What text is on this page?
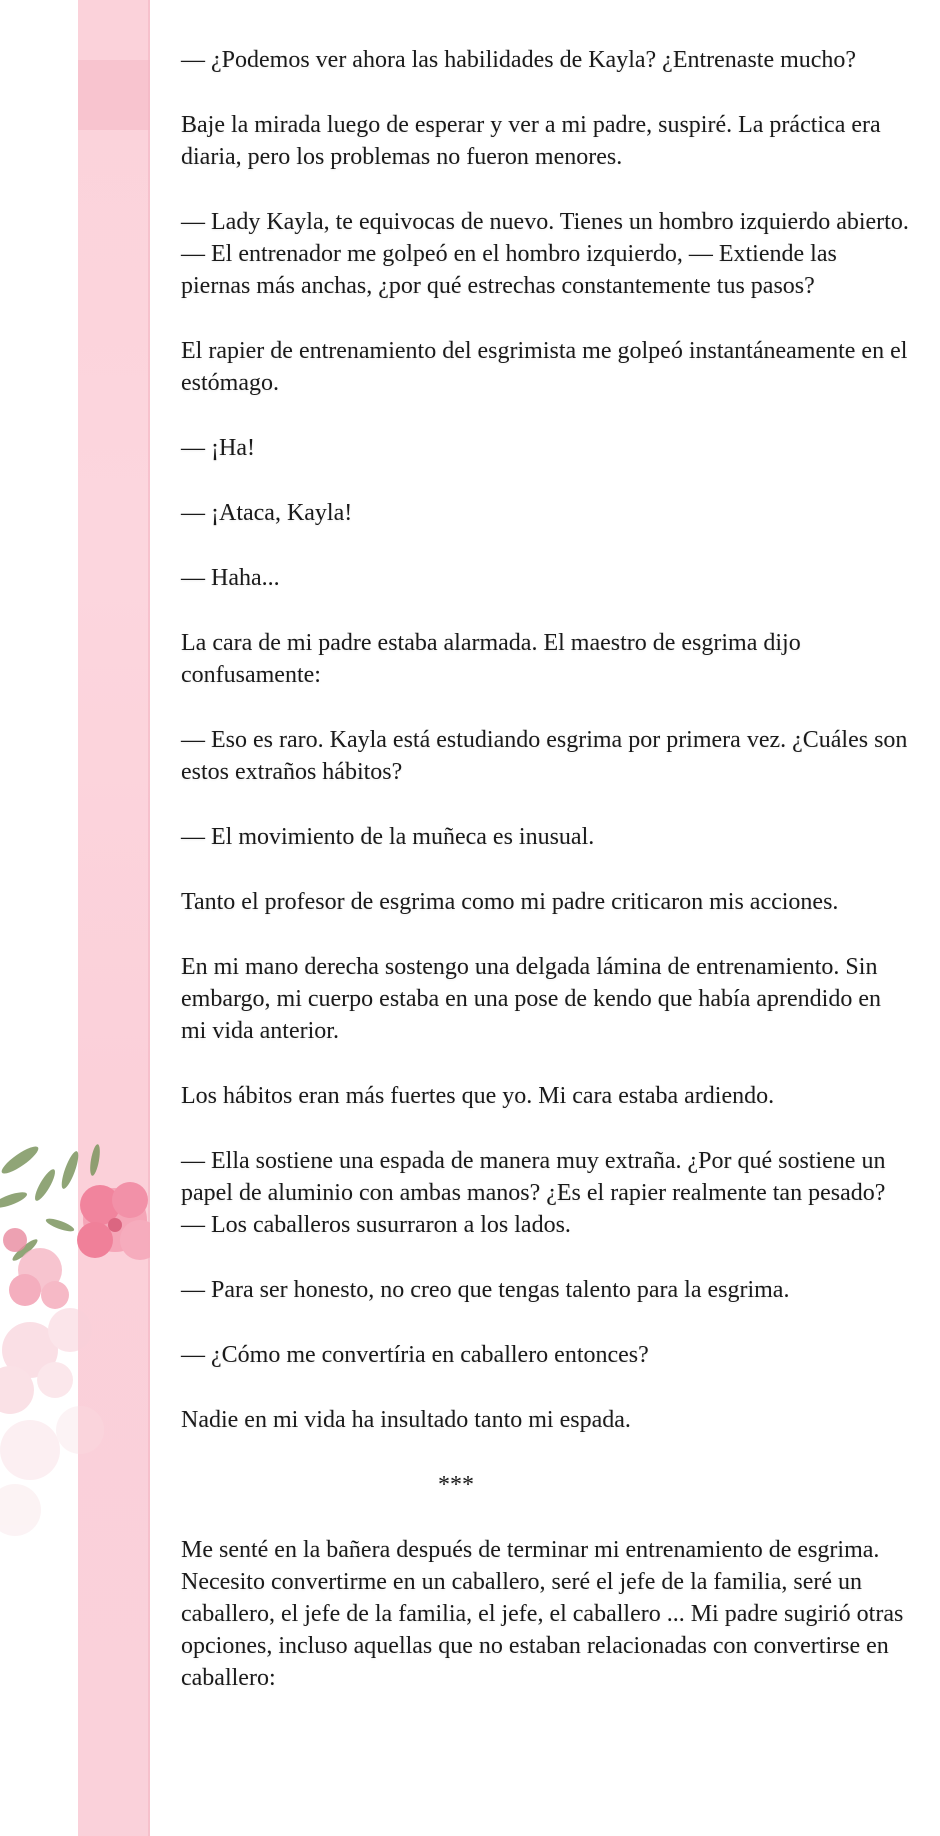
— ¿Podemos ver ahora las habilidades de Kayla? ¿Entrenaste mucho?

Baje la mirada luego de esperar y ver a mi padre, suspiré. La práctica era diaria, pero los problemas no fueron menores.

— Lady Kayla, te equivocas de nuevo. Tienes un hombro izquierdo abierto. — El entrenador me golpeó en el hombro izquierdo, — Extiende las piernas más anchas, ¿por qué estrechas constantemente tus pasos?

El rapier de entrenamiento del esgrimista me golpeó instantáneamente en el estómago.

— ¡Ha!

— ¡Ataca, Kayla!

— Haha...

La cara de mi padre estaba alarmada. El maestro de esgrima dijo confusamente:

— Eso es raro. Kayla está estudiando esgrima por primera vez. ¿Cuáles son estos extraños hábitos?

— El movimiento de la muñeca es inusual.

Tanto el profesor de esgrima como mi padre criticaron mis acciones.

En mi mano derecha sostengo una delgada lámina de entrenamiento. Sin embargo, mi cuerpo estaba en una pose de kendo que había aprendido en mi vida anterior.

Los hábitos eran más fuertes que yo. Mi cara estaba ardiendo.

— Ella sostiene una espada de manera muy extraña. ¿Por qué sostiene un papel de aluminio con ambas manos? ¿Es el rapier realmente tan pesado? — Los caballeros susurraron a los lados.

— Para ser honesto, no creo que tengas talento para la esgrima.

— ¿Cómo me convertíria en caballero entonces?

Nadie en mi vida ha insultado tanto mi espada.

***

Me senté en la bañera después de terminar mi entrenamiento de esgrima. Necesito convertirme en un caballero, seré el jefe de la familia, seré un caballero, el jefe de la familia, el jefe, el caballero ... Mi padre sugirió otras opciones, incluso aquellas que no estaban relacionadas con convertirse en caballero:
